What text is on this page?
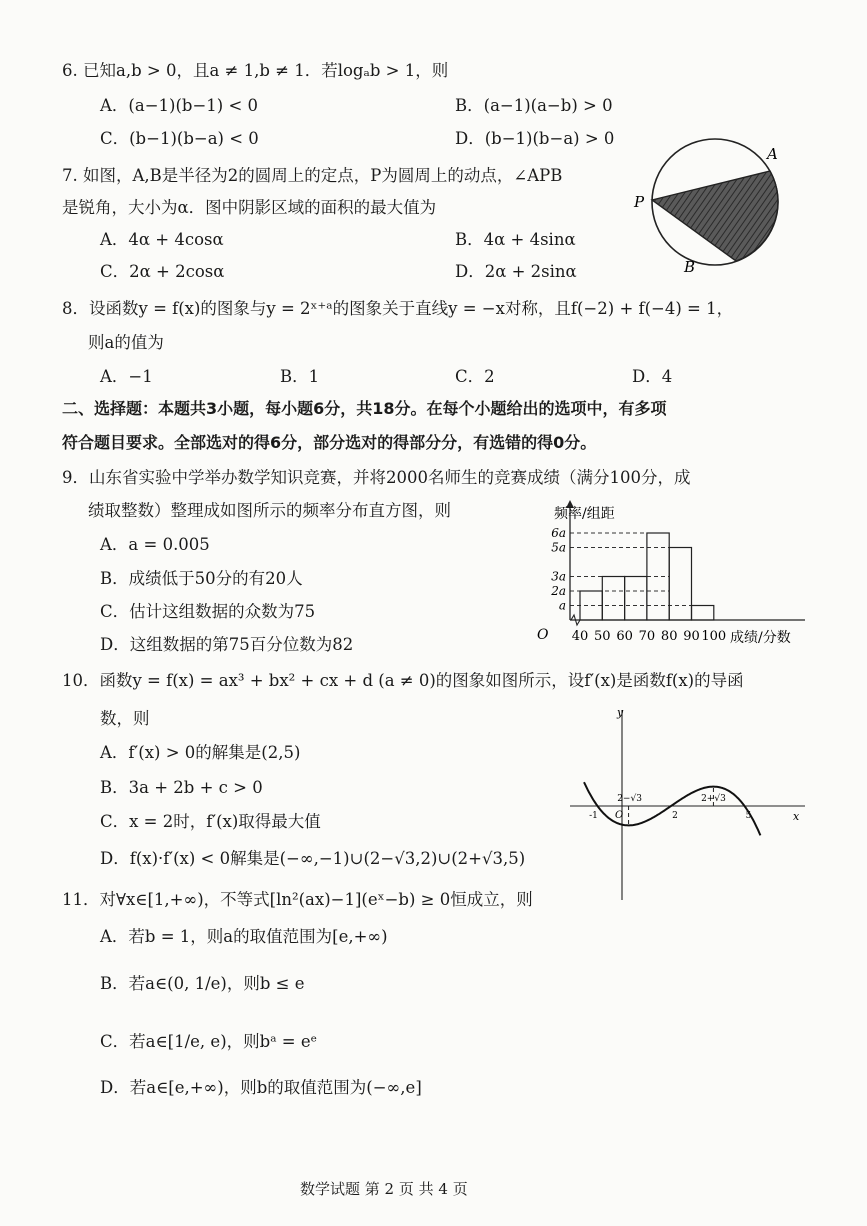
6. 已知a,b > 0，且a ≠ 1,b ≠ 1．若logₐb > 1，则
A．(a−1)(b−1) < 0	B．(a−1)(a−b) > 0
C．(b−1)(b−a) < 0	D．(b−1)(b−a) > 0
7. 如图，A,B是半径为2的圆周上的定点，P为圆周上的动点，∠APB
是锐角，大小为α．图中阴影区域的面积的最大值为
A．4α + 4cosα	B．4α + 4sinα
C．2α + 2cosα	D．2α + 2sinα
A
P
B
8．设函数y = f(x)的图象与y = 2ˣ⁺ᵃ的图象关于直线y = −x对称，且f(−2) + f(−4) = 1，
则a的值为
A．−1	B．1	C．2	D．4
二、选择题：本题共3小题，每小题6分，共18分。在每个小题给出的选项中，有多项
符合题目要求。全部选对的得6分，部分选对的得部分分，有选错的得0分。
9．山东省实验中学举办数学知识竞赛，并将2000名师生的竞赛成绩（满分100分，成
绩取整数）整理成如图所示的频率分布直方图，则
A．a = 0.005
B．成绩低于50分的有20人
C．估计这组数据的众数为75
D．这组数据的第75百分位数为82
a
2a
3a
5a
6a
40 50 60 70 80 90 100
频率/组距
成绩/分数
O
10．函数y = f(x) = ax³ + bx² + cx + d (a ≠ 0)的图象如图所示，设f′(x)是函数f(x)的导函
数，则
A．f′(x) > 0的解集是(2,5)
B．3a + 2b + c > 0
C．x = 2时，f′(x)取得最大值
D．f(x)·f′(x) < 0解集是(−∞,−1)∪(2−√3,2)∪(2+√3,5)
-1
2−√3
2
2+√3
5	x
y
O
11．对∀x∈[1,+∞)，不等式[ln²(ax)−1](eˣ−b) ≥ 0恒成立，则
A．若b = 1，则a的取值范围为[e,+∞)
B．若a∈(0, 1/e)，则b ≤ e
C．若a∈[1/e, e)，则bᵃ = eᵉ
D．若a∈[e,+∞)，则b的取值范围为(−∞,e]
数学试题 第 2 页 共 4 页
